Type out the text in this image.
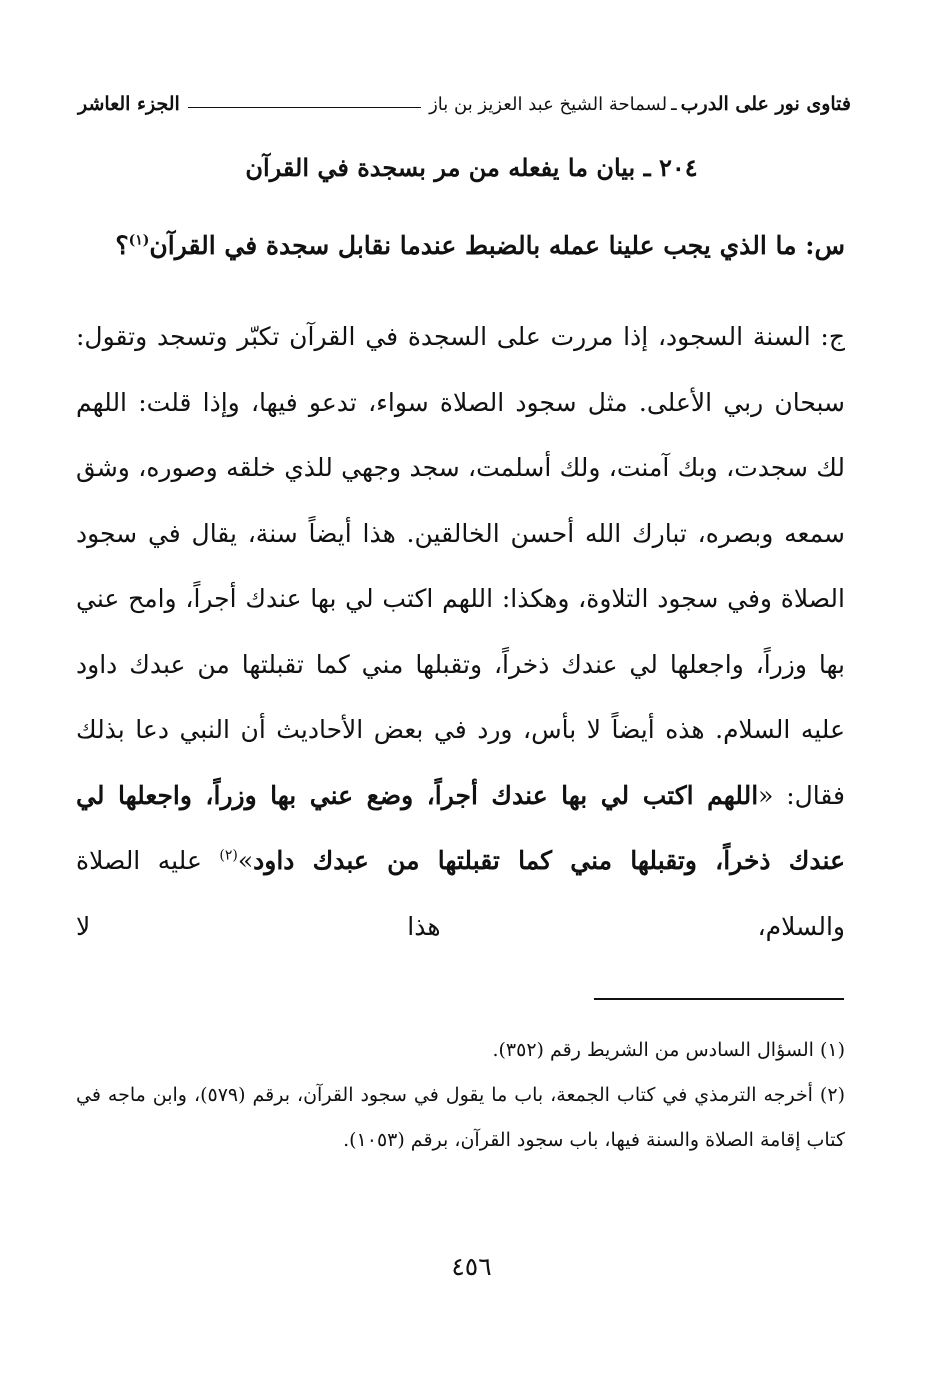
فتاوى نور على الدرب
ـ
لسماحة الشيخ عبد العزيز بن باز
الجزء العاشر
٢٠٤ ـ بيان ما يفعله من مر بسجدة في القرآن
س: ما الذي يجب علينا عمله بالضبط عندما نقابل سجدة في القرآن$^{(١)}$؟

ج: السنة السجود، إذا مررت على السجدة في القرآن تكبّر وتسجد وتقول: سبحان ربي الأعلى. مثل سجود الصلاة سواء، تدعو فيها، وإذا قلت: اللهم لك سجدت، وبك آمنت، ولك أسلمت، سجد وجهي للذي خلقه وصوره، وشق سمعه وبصره، تبارك الله أحسن الخالقين. هذا أيضاً سنة، يقال في سجود الصلاة وفي سجود التلاوة، وهكذا: اللهم اكتب لي بها عندك أجراً، وامح عني بها وزراً، واجعلها لي عندك ذخراً، وتقبلها مني كما تقبلتها من عبدك داود عليه السلام. هذه أيضاً لا بأس، ورد في بعض الأحاديث أن النبي دعا بذلك فقال: «اللهم اكتب لي بها عندك أجراً، وضع عني بها وزراً، واجعلها لي عندك ذخراً، وتقبلها مني كما تقبلتها من عبدك داود»$^{(٢)}$ عليه الصلاة والسلام، هذا لا

(١) السؤال السادس من الشريط رقم (٣٥٢).

(٢) أخرجه الترمذي في كتاب الجمعة، باب ما يقول في سجود القرآن، برقم (٥٧٩)، وابن ماجه في كتاب إقامة الصلاة والسنة فيها، باب سجود القرآن، برقم (١٠٥٣).

٤٥٦
